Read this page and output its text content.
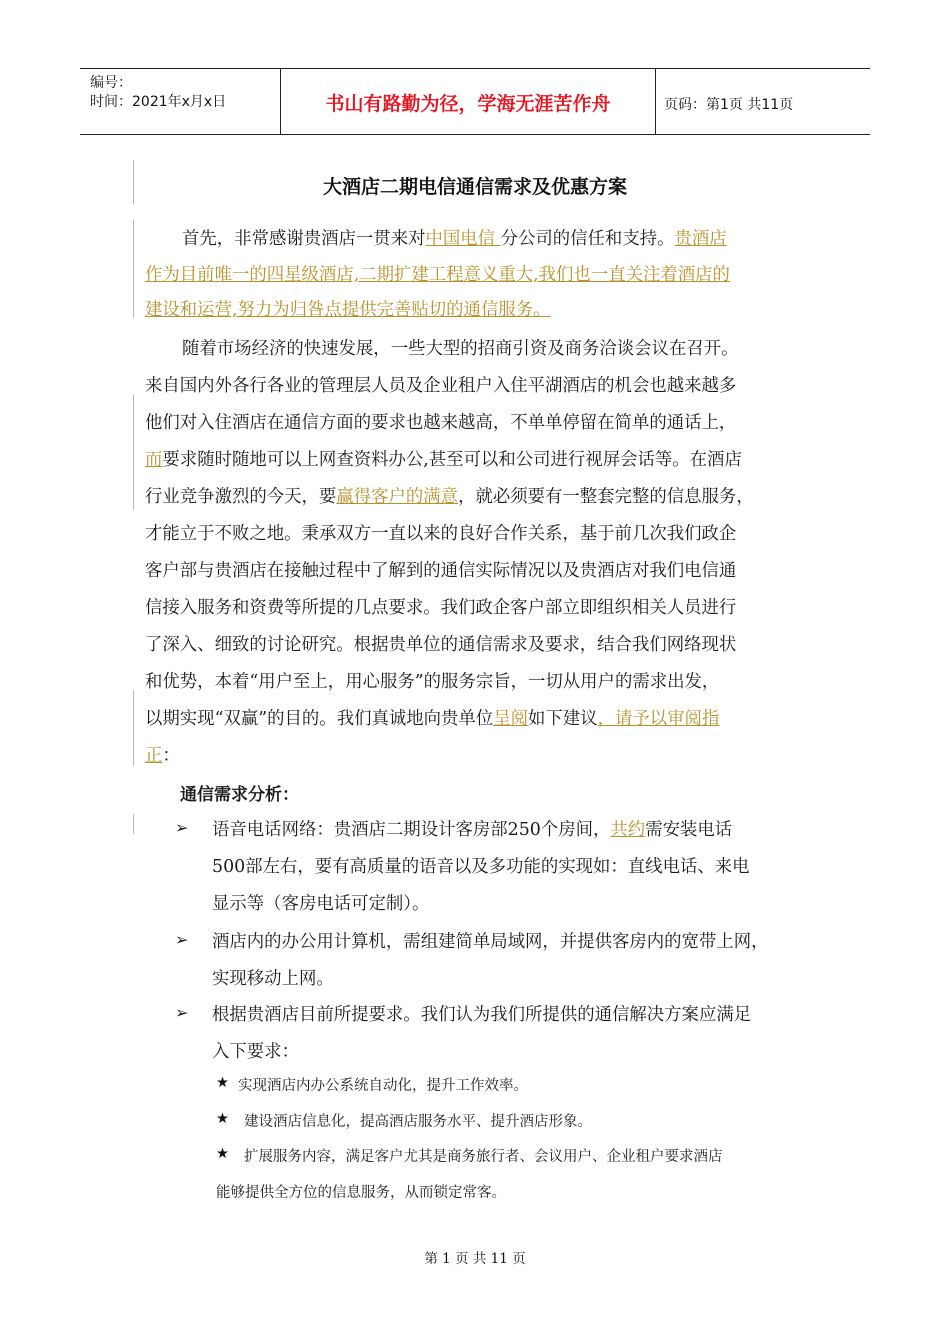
编号：
时间：2021年x月x日	书山有路勤为径，学海无涯苦作舟	页码：第1页 共11页
大酒店二期电信通信需求及优惠方案
首先，非常感谢贵酒店一贯来对中国电信 分公司的信任和支持。贵酒店
作为目前唯一的四星级酒店,二期扩建工程意义重大,我们也一直关注着酒店的
建设和运营,努力为归咎点提供完善贴切的通信服务。
随着市场经济的快速发展，一些大型的招商引资及商务洽谈会议在召开。
来自国内外各行各业的管理层人员及企业租户入住平湖酒店的机会也越来越多
他们对入住酒店在通信方面的要求也越来越高，不单单停留在简单的通话上，
而要求随时随地可以上网查资料办公,甚至可以和公司进行视屏会话等。在酒店
行业竞争激烈的今天，要赢得客户的满意，就必须要有一整套完整的信息服务，
才能立于不败之地。秉承双方一直以来的良好合作关系，基于前几次我们政企
客户部与贵酒店在接触过程中了解到的通信实际情况以及贵酒店对我们电信通
信接入服务和资费等所提的几点要求。我们政企客户部立即组织相关人员进行
了深入、细致的讨论研究。根据贵单位的通信需求及要求，结合我们网络现状
和优势，本着“用户至上，用心服务”的服务宗旨，一切从用户的需求出发，
以期实现“双赢”的目的。我们真诚地向贵单位呈阅如下建议，请予以审阅指
正：
通信需求分析：
➢ 语音电话网络：贵酒店二期设计客房部250个房间，共约需安装电话
500部左右，要有高质量的语音以及多功能的实现如：直线电话、来电
显示等（客房电话可定制）。
➢ 酒店内的办公用计算机，需组建简单局域网，并提供客房内的宽带上网，
实现移动上网。
➢ 根据贵酒店目前所提要求。我们认为我们所提供的通信解决方案应满足
入下要求：
★ 实现酒店内办公系统自动化，提升工作效率。
★ 建设酒店信息化，提高酒店服务水平、提升酒店形象。
★ 扩展服务内容，满足客户尤其是商务旅行者、会议用户、企业租户要求酒店
能够提供全方位的信息服务，从而锁定常客。
第 1 页 共 11 页
